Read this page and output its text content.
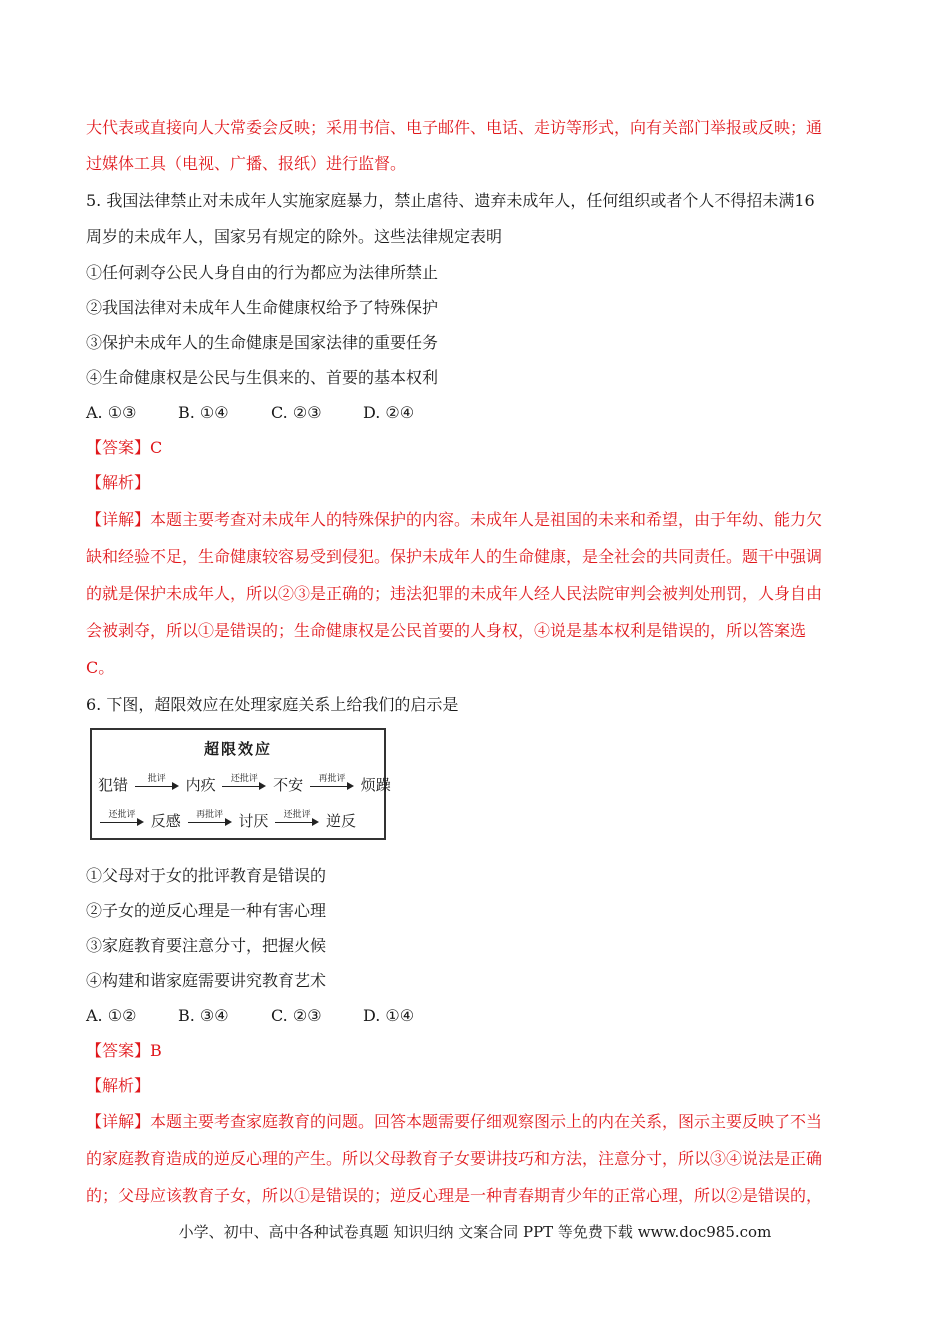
大代表或直接向人大常委会反映；采用书信、电子邮件、电话、走访等形式，向有关部门举报或反映；通
过媒体工具（电视、广播、报纸）进行监督。
5. 我国法律禁止对未成年人实施家庭暴力，禁止虐待、遗弃未成年人，任何组织或者个人不得招未满16
周岁的未成年人，国家另有规定的除外。这些法律规定表明
①任何剥夺公民人身自由的行为都应为法律所禁止
②我国法律对未成年人生命健康权给予了特殊保护
③保护未成年人的生命健康是国家法律的重要任务
④生命健康权是公民与生俱来的、首要的基本权利
A. ①③	B. ①④	C. ②③	D. ②④
【答案】C
【解析】
【详解】本题主要考查对未成年人的特殊保护的内容。未成年人是祖国的未来和希望，由于年幼、能力欠
缺和经验不足，生命健康较容易受到侵犯。保护未成年人的生命健康，是全社会的共同责任。题干中强调
的就是保护未成年人，所以②③是正确的；违法犯罪的未成年人经人民法院审判会被判处刑罚，人身自由
会被剥夺，所以①是错误的；生命健康权是公民首要的人身权，④说是基本权利是错误的，所以答案选
C。
6. 下图，超限效应在处理家庭关系上给我们的启示是
超限效应
犯错	批评	内疚	还批评	不安	再批评	烦躁
还批评	反感	再批评	讨厌	还批评	逆反
①父母对于女的批评教育是错误的
②子女的逆反心理是一种有害心理
③家庭教育要注意分寸，把握火候
④构建和谐家庭需要讲究教育艺术
A. ①②	B. ③④	C. ②③	D. ①④
【答案】B
【解析】
【详解】本题主要考查家庭教育的问题。回答本题需要仔细观察图示上的内在关系，图示主要反映了不当
的家庭教育造成的逆反心理的产生。所以父母教育子女要讲技巧和方法，注意分寸，所以③④说法是正确
的；父母应该教育子女，所以①是错误的；逆反心理是一种青春期青少年的正常心理，所以②是错误的，
小学、初中、高中各种试卷真题 知识归纳 文案合同 PPT 等免费下载 www.doc985.com
